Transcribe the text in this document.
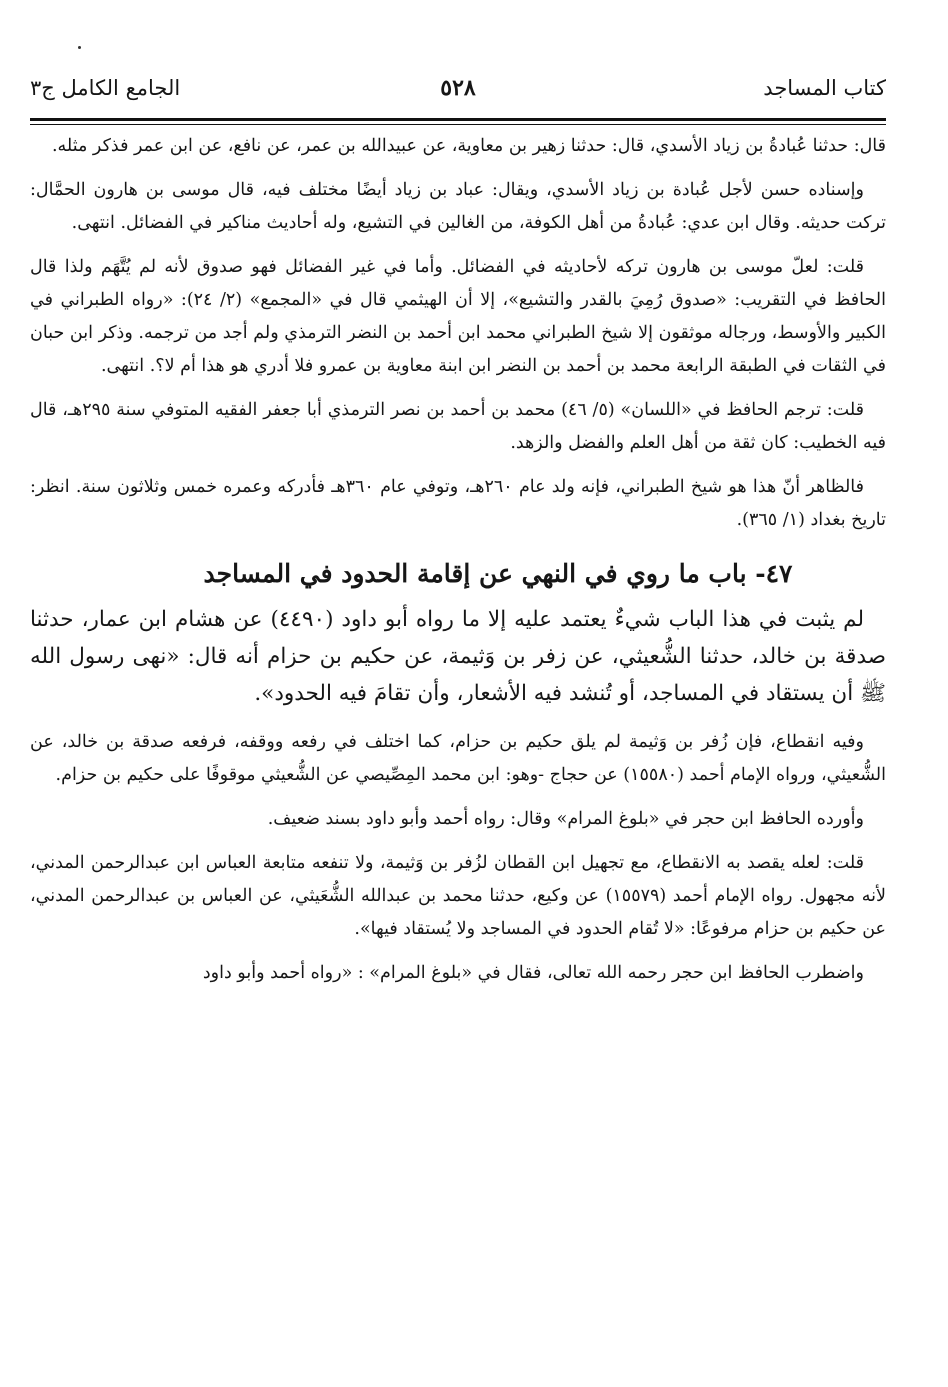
كتاب المساجد
٥٢٨
الجامع الكامل ج٣

قال: حدثنا عُبادةُ بن زياد الأسدي، قال: حدثنا زهير بن معاوية، عن عبيدالله بن عمر، عن نافع، عن ابن عمر فذكر مثله.

وإسناده حسن لأجل عُبادة بن زياد الأسدي، ويقال: عباد بن زياد أيضًا مختلف فيه، قال موسى بن هارون الحمَّال: تركت حديثه. وقال ابن عدي: عُبادةُ من أهل الكوفة، من الغالين في التشيع، وله أحاديث مناكير في الفضائل. انتهى.

قلت: لعلّ موسى بن هارون تركه لأحاديثه في الفضائل. وأما في غير الفضائل فهو صدوق لأنه لم يُتَّهَم ولذا قال الحافظ في التقريب: «صدوق رُمِيَ بالقدر والتشيع»، إلا أن الهيثمي قال في «المجمع» (٢/ ٢٤): «رواه الطبراني في الكبير والأوسط، ورجاله موثقون إلا شيخ الطبراني محمد ابن أحمد بن النضر الترمذي ولم أجد من ترجمه. وذكر ابن حبان في الثقات في الطبقة الرابعة محمد بن أحمد بن النضر ابن ابنة معاوية بن عمرو فلا أدري هو هذا أم لا؟. انتهى.

قلت: ترجم الحافظ في «اللسان» (٥/ ٤٦) محمد بن أحمد بن نصر الترمذي أبا جعفر الفقيه المتوفي سنة ٢٩٥هـ، قال فيه الخطيب: كان ثقة من أهل العلم والفضل والزهد.

فالظاهر أنّ هذا هو شيخ الطبراني، فإنه ولد عام ٢٦٠هـ، وتوفي عام ٣٦٠هـ فأدركه وعمره خمس وثلاثون سنة. انظر: تاريخ بغداد (١/ ٣٦٥).

٤٧- باب ما روي في النهي عن إقامة الحدود في المساجد

لم يثبت في هذا الباب شيءٌ يعتمد عليه إلا ما رواه أبو داود (٤٤٩٠) عن هشام ابن عمار، حدثنا صدقة بن خالد، حدثنا الشُّعيثي، عن زفر بن وَثيمة، عن حكيم بن حزام أنه قال: «نهى رسول الله ﷺ أن يستقاد في المساجد، أو تُنشد فيه الأشعار، وأن تقامَ فيه الحدود».

وفيه انقطاع، فإن زُفر بن وَثيمة لم يلق حكيم بن حزام، كما اختلف في رفعه ووقفه، فرفعه صدقة بن خالد، عن الشُّعيثي، ورواه الإمام أحمد (١٥٥٨٠) عن حجاج -وهو: ابن محمد المِصِّيصي عن الشُّعيثي موقوفًا على حكيم بن حزام.

وأورده الحافظ ابن حجر في «بلوغ المرام» وقال: رواه أحمد وأبو داود بسند ضعيف.

قلت: لعله يقصد به الانقطاع، مع تجهيل ابن القطان لزُفر بن وَثيمة، ولا تنفعه متابعة العباس ابن عبدالرحمن المدني، لأنه مجهول. رواه الإمام أحمد (١٥٥٧٩) عن وكيع، حدثنا محمد بن عبدالله الشُّعَيثي، عن العباس بن عبدالرحمن المدني، عن حكيم بن حزام مرفوعًا: «لا تُقام الحدود في المساجد ولا يُستقاد فيها».

واضطرب الحافظ ابن حجر رحمه الله تعالى، فقال في «بلوغ المرام» : «رواه أحمد وأبو داود
